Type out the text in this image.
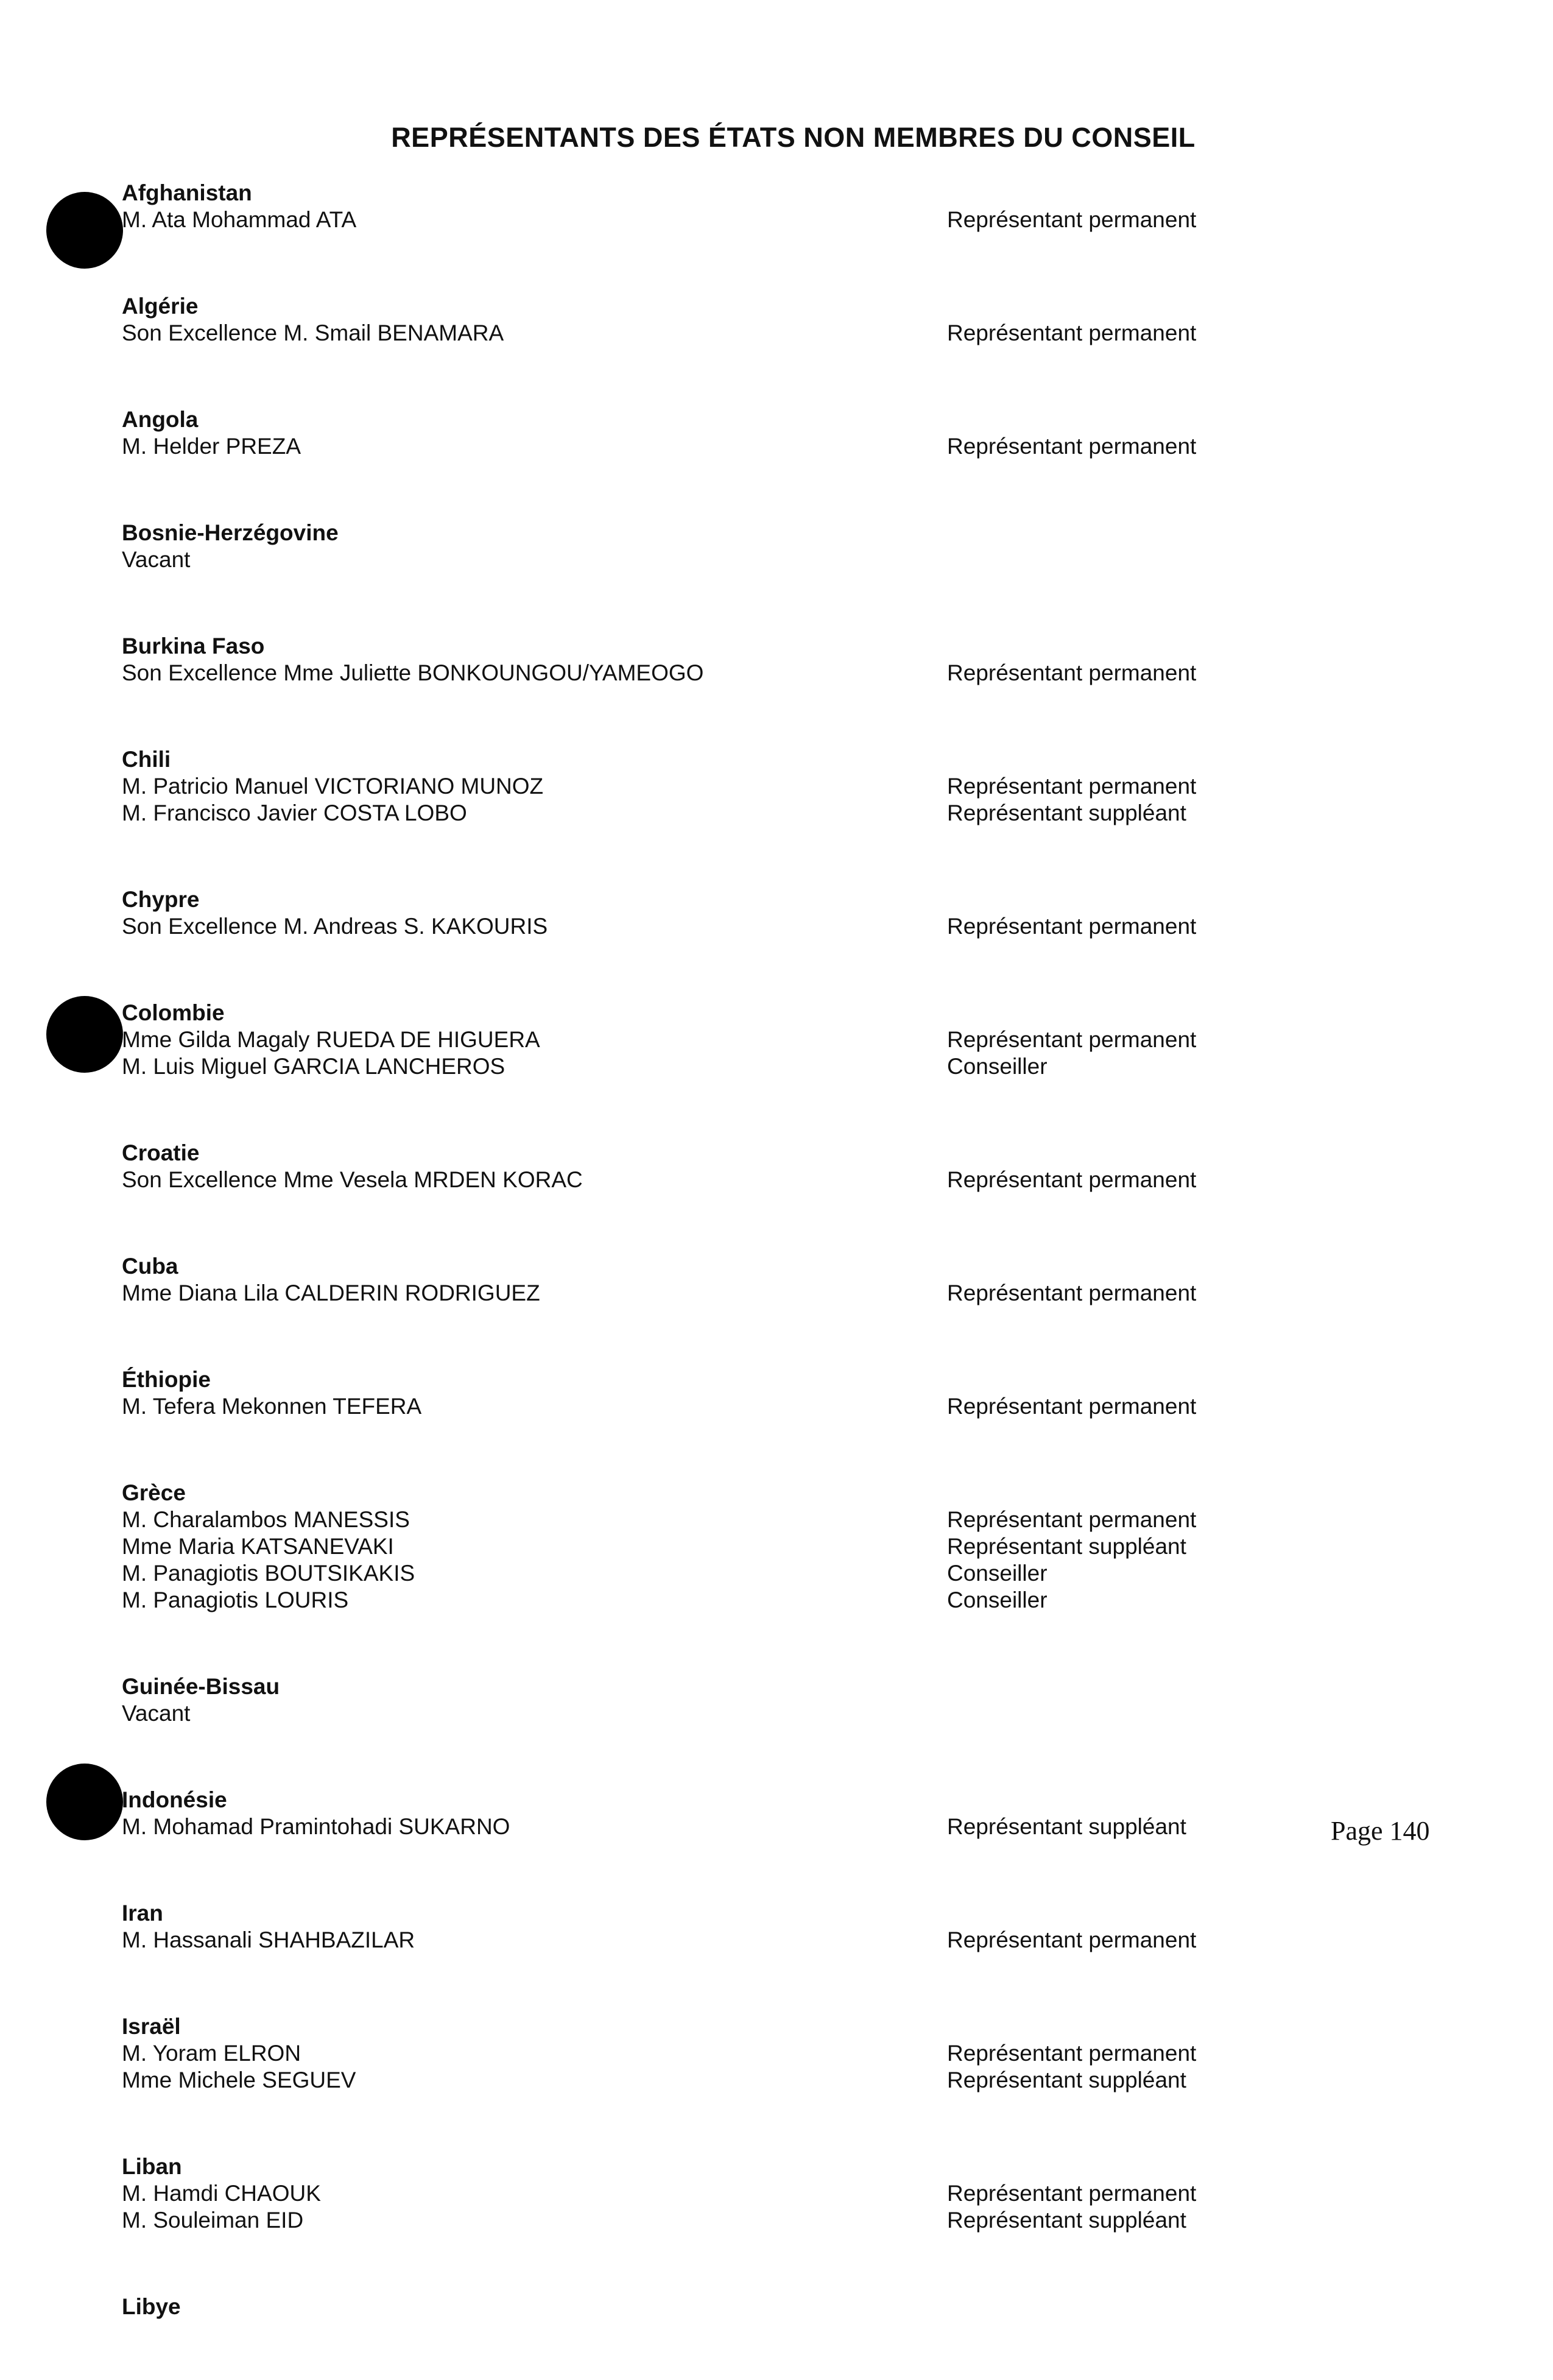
REPRÉSENTANTS DES ÉTATS NON MEMBRES DU CONSEIL
Afghanistan
M. Ata Mohammad ATA	Représentant permanent
Algérie
Son Excellence M. Smail BENAMARA	Représentant permanent
Angola
M. Helder PREZA	Représentant permanent
Bosnie-Herzégovine
Vacant
Burkina Faso
Son Excellence Mme Juliette BONKOUNGOU/YAMEOGO	Représentant permanent
Chili
M. Patricio Manuel VICTORIANO MUNOZ	Représentant permanent
M. Francisco Javier COSTA LOBO	Représentant suppléant
Chypre
Son Excellence M. Andreas S. KAKOURIS	Représentant permanent
Colombie
Mme Gilda Magaly RUEDA DE HIGUERA	Représentant permanent
M. Luis Miguel GARCIA LANCHEROS	Conseiller
Croatie
Son Excellence Mme Vesela MRDEN KORAC	Représentant permanent
Cuba
Mme Diana Lila CALDERIN RODRIGUEZ	Représentant permanent
Éthiopie
M. Tefera Mekonnen TEFERA	Représentant permanent
Grèce
M. Charalambos MANESSIS	Représentant permanent
Mme Maria KATSANEVAKI	Représentant suppléant
M. Panagiotis BOUTSIKAKIS	Conseiller
M. Panagiotis LOURIS	Conseiller
Guinée-Bissau
Vacant
Indonésie
M. Mohamad Pramintohadi SUKARNO	Représentant suppléant
Iran
M. Hassanali SHAHBAZILAR	Représentant permanent
Israël
M. Yoram ELRON	Représentant permanent
Mme Michele SEGUEV	Représentant suppléant
Liban
M. Hamdi CHAOUK	Représentant permanent
M. Souleiman EID	Représentant suppléant
Libye
Page 140
